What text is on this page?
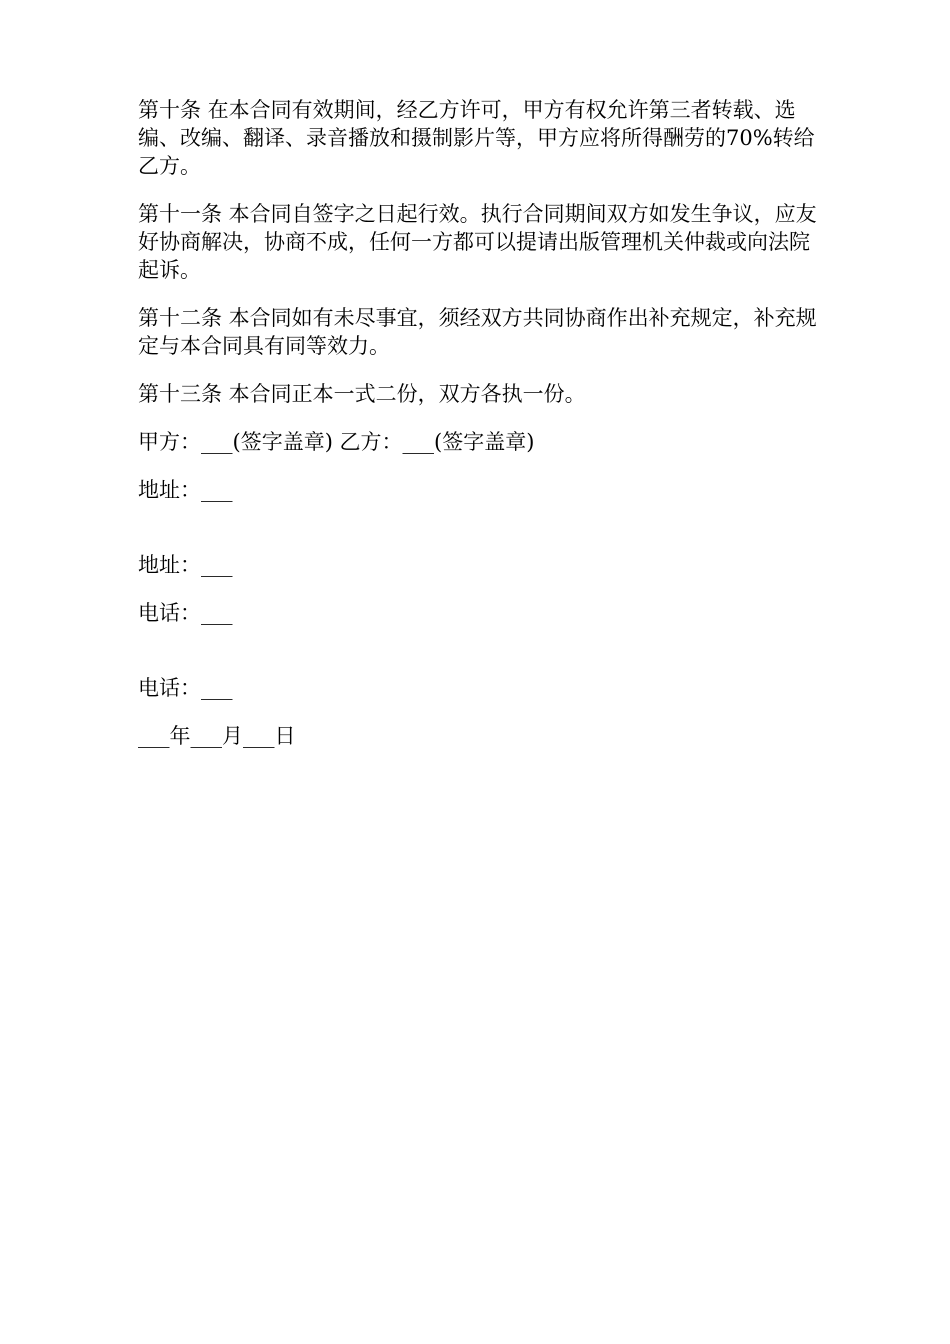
第十条 在本合同有效期间，经乙方许可，甲方有权允许第三者转载、选编、改编、翻译、录音播放和摄制影片等，甲方应将所得酬劳的70%转给乙方。

第十一条 本合同自签字之日起行效。执行合同期间双方如发生争议，应友好协商解决，协商不成，任何一方都可以提请出版管理机关仲裁或向法院起诉。

第十二条 本合同如有未尽事宜，须经双方共同协商作出补充规定，补充规定与本合同具有同等效力。

第十三条 本合同正本一式二份，双方各执一份。

甲方：___(签字盖章) 乙方：___(签字盖章)

地址：___

地址：___

电话：___

电话：___

___年___月___日
